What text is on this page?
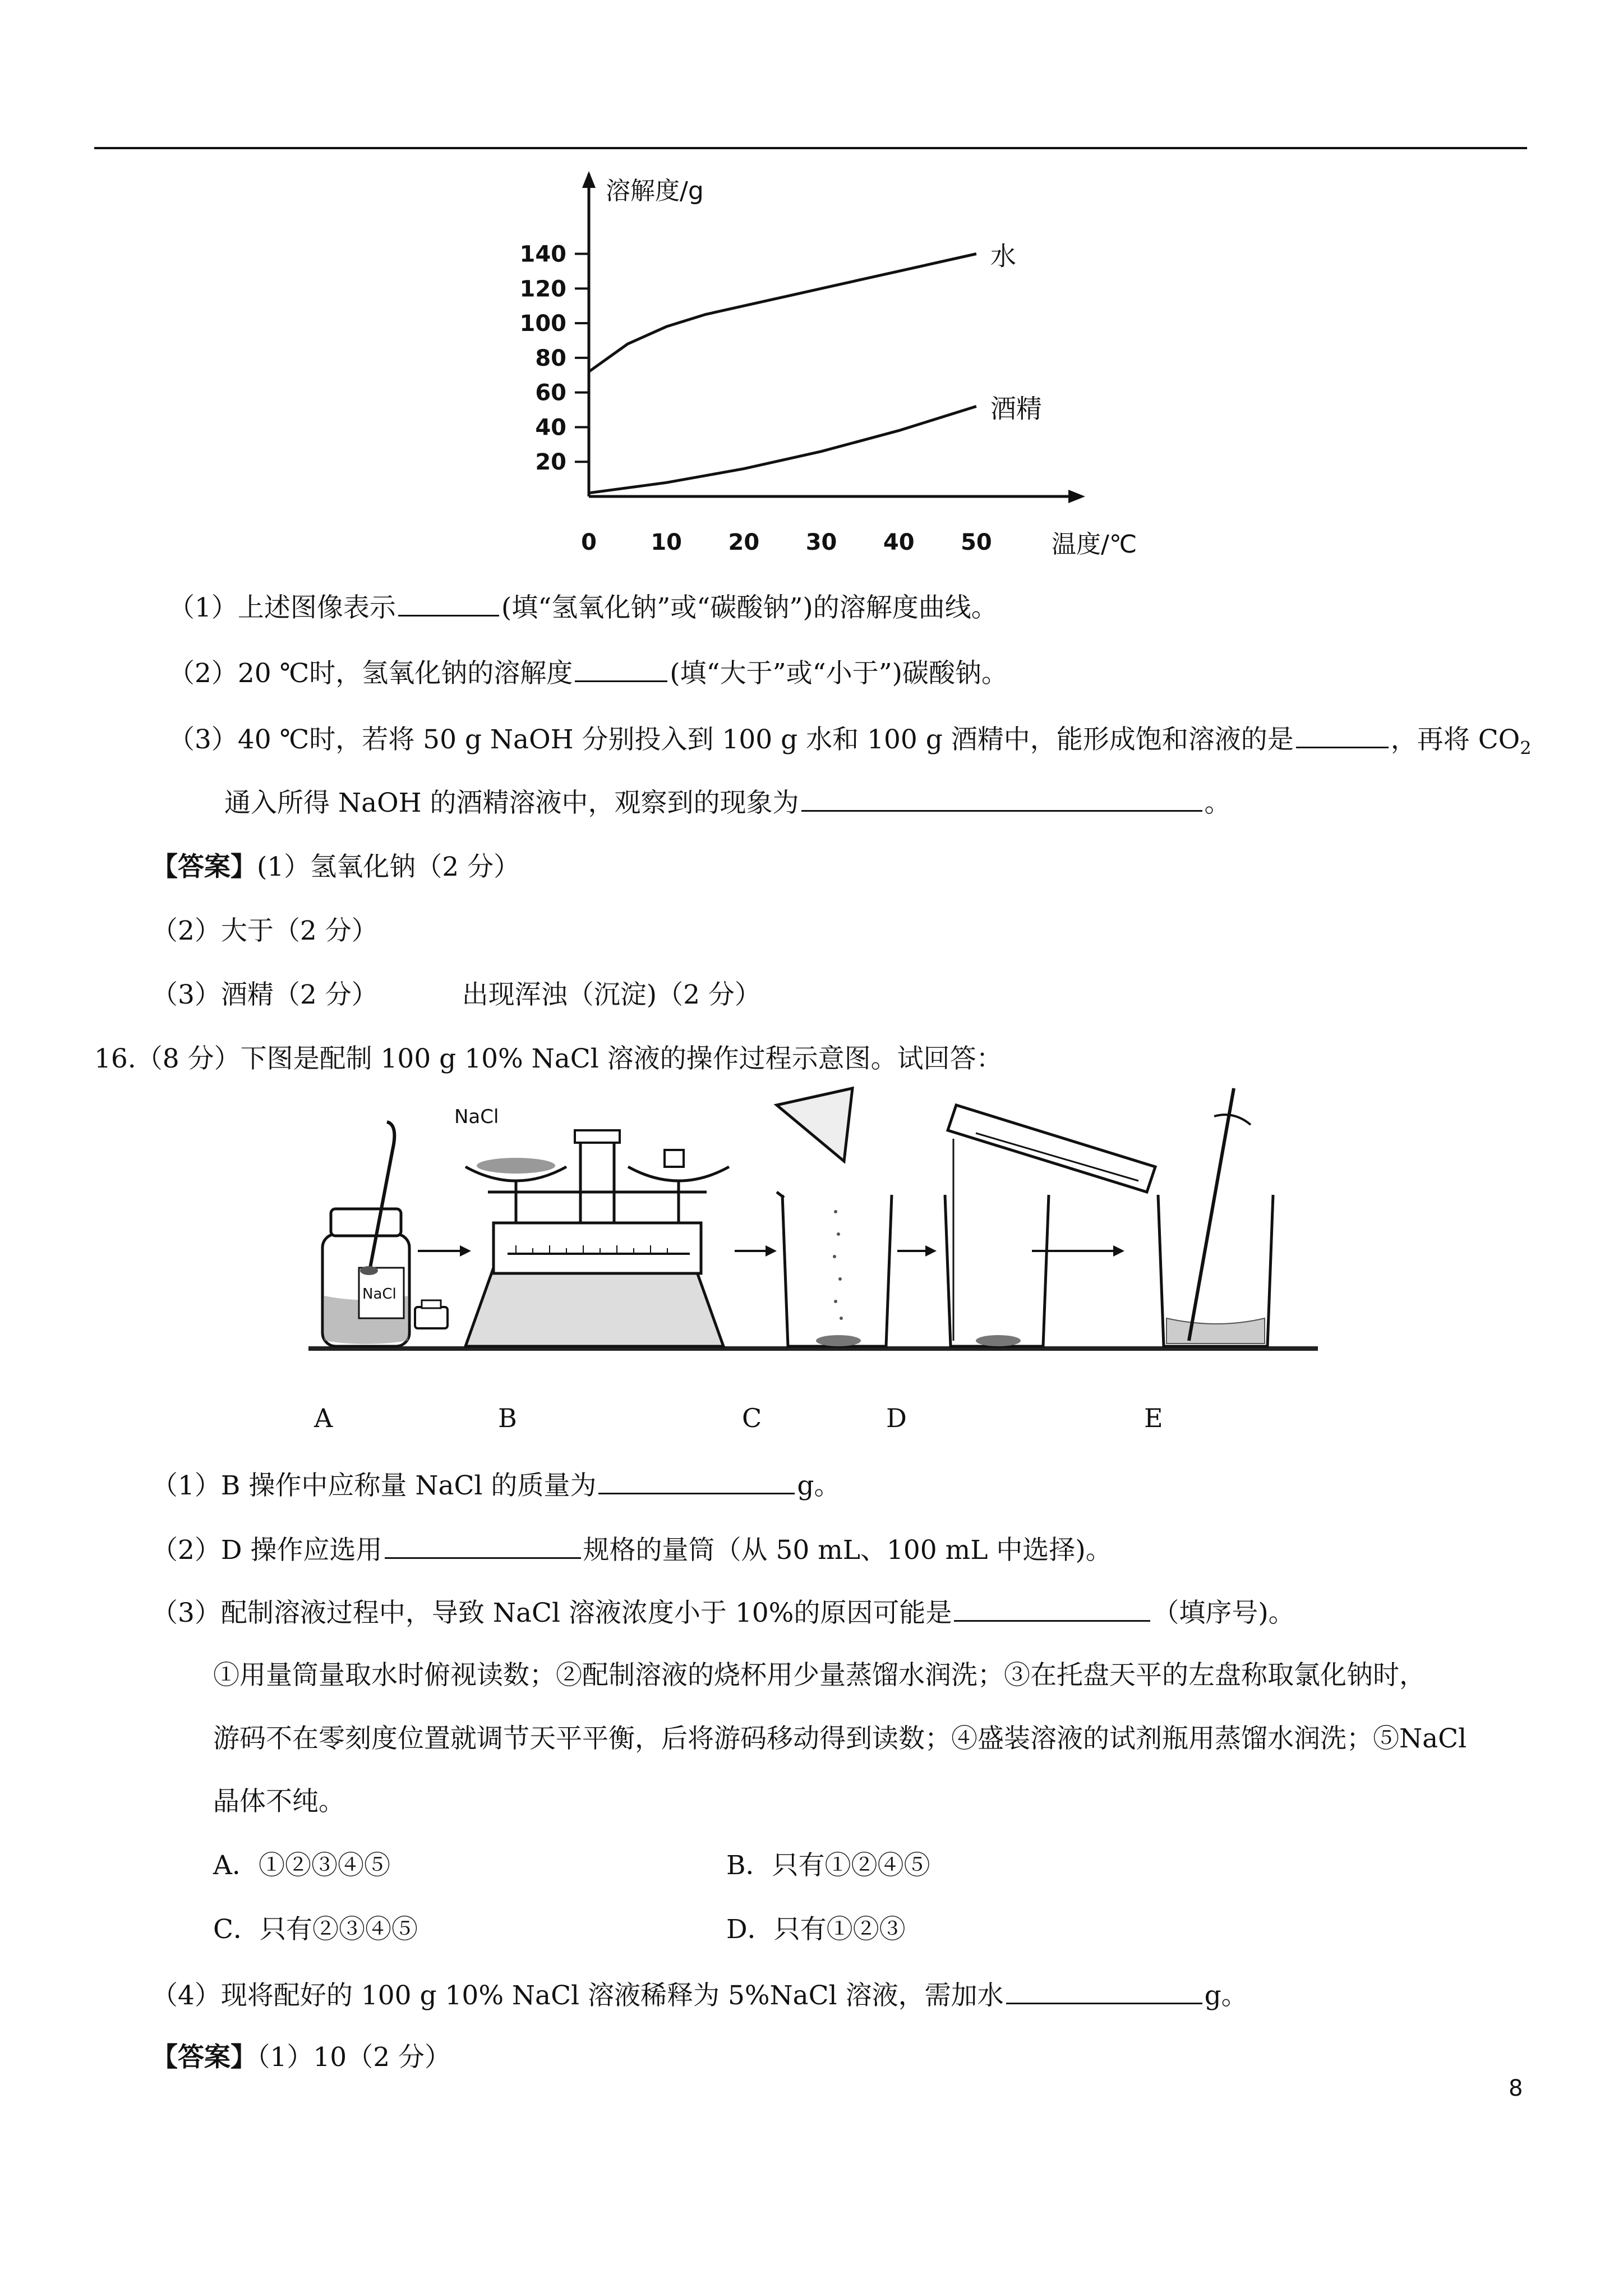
溶解度/g
温度/℃
0 10 20 30 40 50
20
40
60
80
100
120
140	水
酒精
（1）上述图像表示	(填“氢氧化钠”或“碳酸钠”)的溶解度曲线。
（2）20 ℃时，氢氧化钠的溶解度	(填“大于”或“小于”)碳酸钠。
（3）40 ℃时，若将 50 g NaOH 分别投入到 100 g 水和 100 g 酒精中，能形成饱和溶液的是	，再将 $CO_2$
通入所得 NaOH 的酒精溶液中，观察到的现象为	。
【答案】(1）氢氧化钠（2 分）
（2）大于（2 分）
（3）酒精（2 分）	出现浑浊（沉淀)（2 分）
16.（8 分）下图是配制 100 g 10% NaCl 溶液的操作过程示意图。试回答：
NaCl
NaCl
A	B	C	D	E
（1）B 操作中应称量 NaCl 的质量为	g。
（2）D 操作应选用	规格的量筒（从 50 mL、100 mL 中选择)。
（3）配制溶液过程中，导致 NaCl 溶液浓度小于 10%的原因可能是	（填序号)。
①用量筒量取水时俯视读数；②配制溶液的烧杯用少量蒸馏水润洗；③在托盘天平的左盘称取氯化钠时，
游码不在零刻度位置就调节天平平衡，后将游码移动得到读数；④盛装溶液的试剂瓶用蒸馏水润洗；⑤NaCl
晶体不纯。
A．①②③④⑤	B．只有①②④⑤
C．只有②③④⑤	D．只有①②③
（4）现将配好的 100 g 10% NaCl 溶液稀释为 5%NaCl 溶液，需加水	g。
【答案】（1）10（2 分）
8
